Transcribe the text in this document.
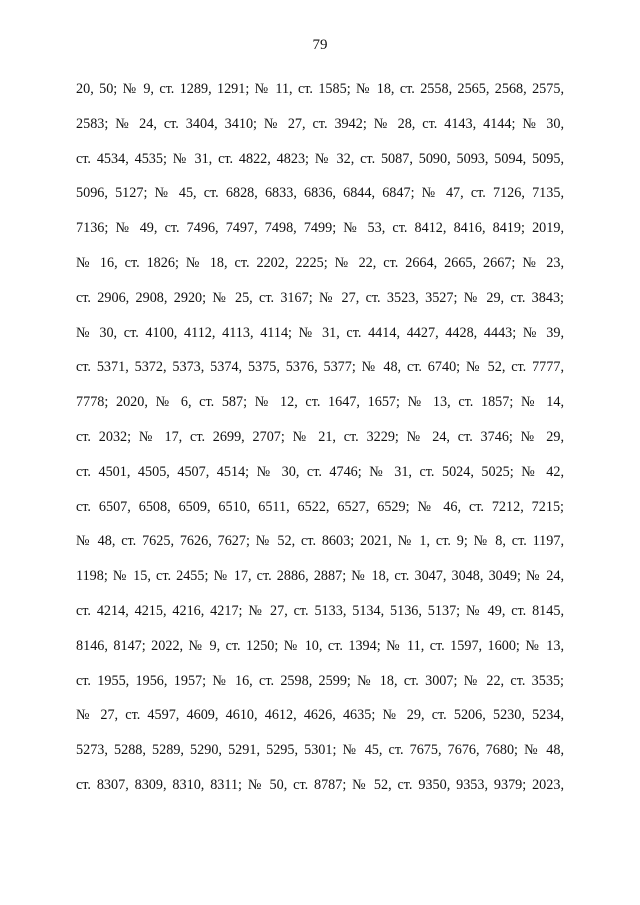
79
20, 50; № 9, ст. 1289, 1291; № 11, ст. 1585; № 18, ст. 2558, 2565, 2568, 2575,
2583; № 24, ст. 3404, 3410; № 27, ст. 3942; № 28, ст. 4143, 4144; № 30,
ст. 4534, 4535; № 31, ст. 4822, 4823; № 32, ст. 5087, 5090, 5093, 5094, 5095,
5096, 5127; № 45, ст. 6828, 6833, 6836, 6844, 6847; № 47, ст. 7126, 7135,
7136; № 49, ст. 7496, 7497, 7498, 7499; № 53, ст. 8412, 8416, 8419; 2019,
№ 16, ст. 1826; № 18, ст. 2202, 2225; № 22, ст. 2664, 2665, 2667; № 23,
ст. 2906, 2908, 2920; № 25, ст. 3167; № 27, ст. 3523, 3527; № 29, ст. 3843;
№ 30, ст. 4100, 4112, 4113, 4114; № 31, ст. 4414, 4427, 4428, 4443; № 39,
ст. 5371, 5372, 5373, 5374, 5375, 5376, 5377; № 48, ст. 6740; № 52, ст. 7777,
7778; 2020, № 6, ст. 587; № 12, ст. 1647, 1657; № 13, ст. 1857; № 14,
ст. 2032; № 17, ст. 2699, 2707; № 21, ст. 3229; № 24, ст. 3746; № 29,
ст. 4501, 4505, 4507, 4514; № 30, ст. 4746; № 31, ст. 5024, 5025; № 42,
ст. 6507, 6508, 6509, 6510, 6511, 6522, 6527, 6529; № 46, ст. 7212, 7215;
№ 48, ст. 7625, 7626, 7627; № 52, ст. 8603; 2021, № 1, ст. 9; № 8, ст. 1197,
1198; № 15, ст. 2455; № 17, ст. 2886, 2887; № 18, ст. 3047, 3048, 3049; № 24,
ст. 4214, 4215, 4216, 4217; № 27, ст. 5133, 5134, 5136, 5137; № 49, ст. 8145,
8146, 8147; 2022, № 9, ст. 1250; № 10, ст. 1394; № 11, ст. 1597, 1600; № 13,
ст. 1955, 1956, 1957; № 16, ст. 2598, 2599; № 18, ст. 3007; № 22, ст. 3535;
№ 27, ст. 4597, 4609, 4610, 4612, 4626, 4635; № 29, ст. 5206, 5230, 5234,
5273, 5288, 5289, 5290, 5291, 5295, 5301; № 45, ст. 7675, 7676, 7680; № 48,
ст. 8307, 8309, 8310, 8311; № 50, ст. 8787; № 52, ст. 9350, 9353, 9379; 2023,
